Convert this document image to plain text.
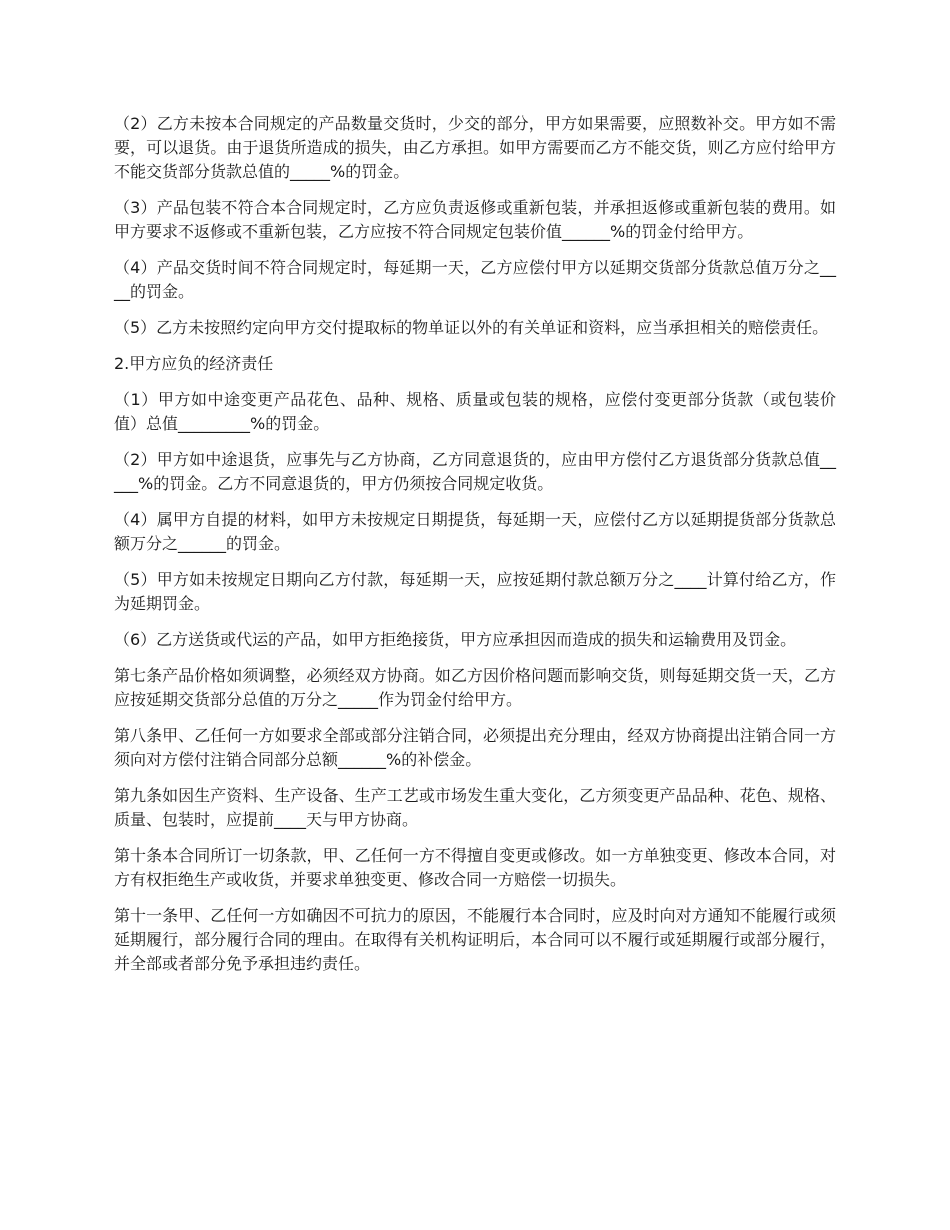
（2）乙方未按本合同规定的产品数量交货时，少交的部分，甲方如果需要，应照数补交。甲方如不需要，可以退货。由于退货所造成的损失，由乙方承担。如甲方需要而乙方不能交货，则乙方应付给甲方不能交货部分货款总值的_____%的罚金。

（3）产品包装不符合本合同规定时，乙方应负责返修或重新包装，并承担返修或重新包装的费用。如甲方要求不返修或不重新包装，乙方应按不符合同规定包装价值______%的罚金付给甲方。

（4）产品交货时间不符合同规定时，每延期一天，乙方应偿付甲方以延期交货部分货款总值万分之____的罚金。

（5）乙方未按照约定向甲方交付提取标的物单证以外的有关单证和资料，应当承担相关的赔偿责任。

2.甲方应负的经济责任

（1）甲方如中途变更产品花色、品种、规格、质量或包装的规格，应偿付变更部分货款（或包装价值）总值_________%的罚金。

（2）甲方如中途退货，应事先与乙方协商，乙方同意退货的，应由甲方偿付乙方退货部分货款总值_____%的罚金。乙方不同意退货的，甲方仍须按合同规定收货。

（4）属甲方自提的材料，如甲方未按规定日期提货，每延期一天，应偿付乙方以延期提货部分货款总额万分之______的罚金。

（5）甲方如未按规定日期向乙方付款，每延期一天，应按延期付款总额万分之____计算付给乙方，作为延期罚金。

（6）乙方送货或代运的产品，如甲方拒绝接货，甲方应承担因而造成的损失和运输费用及罚金。

第七条产品价格如须调整，必须经双方协商。如乙方因价格问题而影响交货，则每延期交货一天，乙方应按延期交货部分总值的万分之_____作为罚金付给甲方。

第八条甲、乙任何一方如要求全部或部分注销合同，必须提出充分理由，经双方协商提出注销合同一方须向对方偿付注销合同部分总额______%的补偿金。

第九条如因生产资料、生产设备、生产工艺或市场发生重大变化，乙方须变更产品品种、花色、规格、质量、包装时，应提前____天与甲方协商。

第十条本合同所订一切条款，甲、乙任何一方不得擅自变更或修改。如一方单独变更、修改本合同，对方有权拒绝生产或收货，并要求单独变更、修改合同一方赔偿一切损失。

第十一条甲、乙任何一方如确因不可抗力的原因，不能履行本合同时，应及时向对方通知不能履行或须延期履行，部分履行合同的理由。在取得有关机构证明后，本合同可以不履行或延期履行或部分履行，并全部或者部分免予承担违约责任。
